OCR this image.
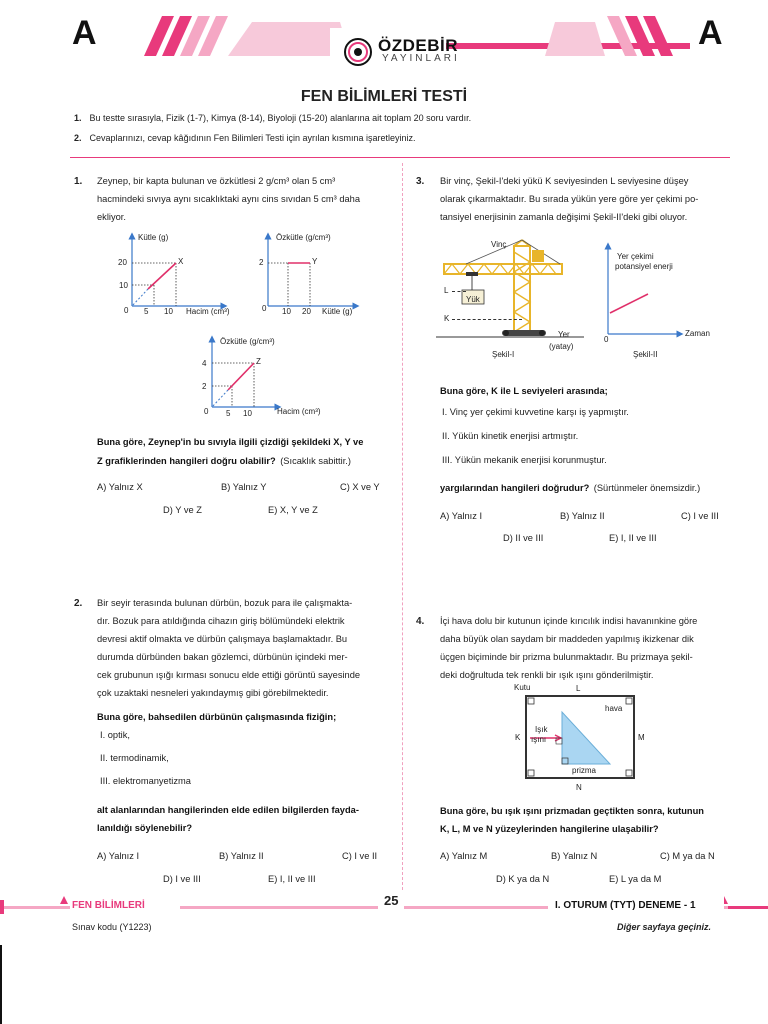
A	A
ÖZDEBİR
YAYINLARI
FEN BİLİMLERİ TESTİ
1. Bu testte sırasıyla, Fizik (1-7), Kimya (8-14), Biyoloji (15-20) alanlarına ait toplam 20 soru vardır.
2. Cevaplarınızı, cevap kâğıdının Fen Bilimleri Testi için ayrılan kısmına işaretleyiniz.
1. Zeynep, bir kapta bulunan ve özkütlesi 2 g/cm³ olan 5 cm³
hacmindeki sıvıya aynı sıcaklıktaki aynı cins sıvıdan 5 cm³ daha
ekliyor.
Kütle (g)
X
20
10
0 5 10 Hacim (cm³)
Özkütle (g/cm³)
Y
2
0 10 20 Kütle (g)
Özkütle (g/cm³)
Z
4
2
0 5 10	Hacim (cm³)
Buna göre, Zeynep'in bu sıvıyla ilgili çizdiği şekildeki X, Y ve
Z grafiklerinden hangileri doğru olabilir? (Sıcaklık sabittir.)
A) Yalnız X	B) Yalnız Y	C) X ve Y
D) Y ve Z	E) X, Y ve Z
2. Bir seyir terasında bulunan dürbün, bozuk para ile çalışmakta-
dır. Bozuk para atıldığında cihazın giriş bölümündeki elektrik
devresi aktif olmakta ve dürbün çalışmaya başlamaktadır. Bu
durumda dürbünden bakan gözlemci, dürbünün içindeki mer-
cek grubunun ışığı kırması sonucu elde ettiği görüntü sayesinde
çok uzaktaki nesneleri yakındaymış gibi görebilmektedir.
Buna göre, bahsedilen dürbünün çalışmasında fiziğin;
I. optik,
II. termodinamik,
III. elektromanyetizma
alt alanlarından hangilerinden elde edilen bilgilerden fayda-
lanıldığı söylenebilir?
A) Yalnız I	B) Yalnız II	C) I ve II
D) I ve III	E) I, II ve III
3. Bir vinç, Şekil-I'deki yükü K seviyesinden L seviyesine düşey
olarak çıkarmaktadır. Bu sırada yükün yere göre yer çekimi po-
tansiyel enerjisinin zamanla değişimi Şekil-II'deki gibi oluyor.
Vinç
Yük
L
K
Yer
(yatay)
Şekil-I
Yer çekimi
potansiyel enerji
Zaman
0
Şekil-II
Buna göre, K ile L seviyeleri arasında;
I. Vinç yer çekimi kuvvetine karşı iş yapmıştır.
II. Yükün kinetik enerjisi artmıştır.
III. Yükün mekanik enerjisi korunmuştur.
yargılarından hangileri doğrudur? (Sürtünmeler önemsizdir.)
A) Yalnız I	B) Yalnız II	C) I ve III
D) II ve III	E) I, II ve III
4. İçi hava dolu bir kutunun içinde kırıcılık indisi havanınkine göre
daha büyük olan saydam bir maddeden yapılmış ikizkenar dik
üçgen biçiminde bir prizma bulunmaktadır. Bu prizmaya şekil-
deki doğrultuda tek renkli bir ışık ışını gönderilmiştir.
Kutu	L
hava
Işık
ışını
K	M
prizma
N
Buna göre, bu ışık ışını prizmadan geçtikten sonra, kutunun
K, L, M ve N yüzeylerinden hangilerine ulaşabilir?
A) Yalnız M	B) Yalnız N	C) M ya da N
D) K ya da N	E) L ya da M
FEN BİLİMLERİ	25	I. OTURUM (TYT) DENEME - 1
Sınav kodu (Y1223)	Diğer sayfaya geçiniz.
